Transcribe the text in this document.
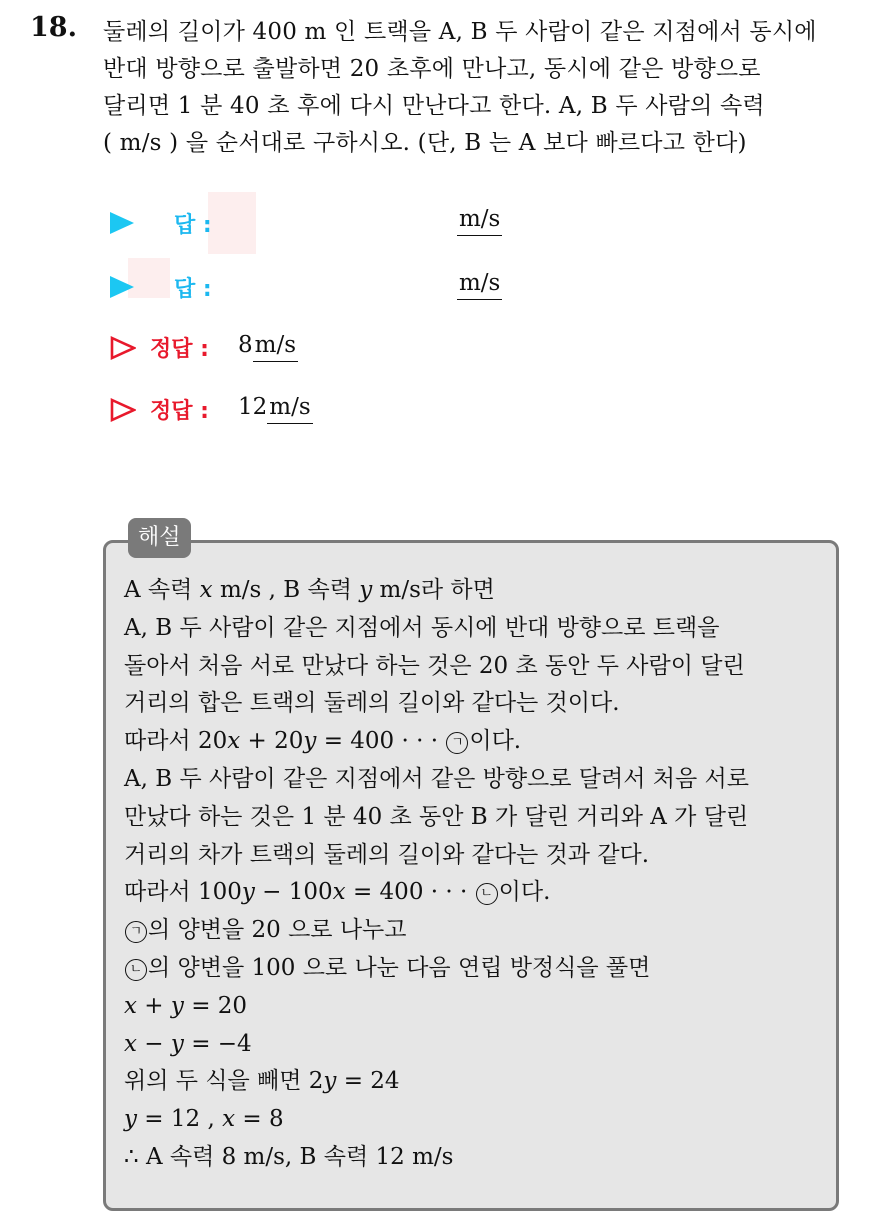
18. 둘레의 길이가 400 m 인 트랙을 A, B 두 사람이 같은 지점에서 동시에
반대 방향으로 출발하면 20 초후에 만나고, 동시에 같은 방향으로
달리면 1 분 40 초 후에 다시 만난다고 한다. A, B 두 사람의 속력
( m/s ) 을 순서대로 구하시오. (단, B 는 A 보다 빠르다고 한다)
답 :	m/s
답 :	m/s
정답 : 8m/s
정답 : 12m/s
해설
A 속력 x m/s , B 속력 y m/s라 하면
A, B 두 사람이 같은 지점에서 동시에 반대 방향으로 트랙을
돌아서 처음 서로 만났다 하는 것은 20 초 동안 두 사람이 달린
거리의 합은 트랙의 둘레의 길이와 같다는 것이다.
따라서 20x + 20y = 400 · · · ㄱ 이다.
A, B 두 사람이 같은 지점에서 같은 방향으로 달려서 처음 서로
만났다 하는 것은 1 분 40 초 동안 B 가 달린 거리와 A 가 달린
거리의 차가 트랙의 둘레의 길이와 같다는 것과 같다.
따라서 100y − 100x = 400 · · · ㄴ 이다.
ㄱ 의 양변을 20 으로 나누고
ㄴ 의 양변을 100 으로 나눈 다음 연립 방정식을 풀면
x + y = 20
x − y = −4
위의 두 식을 빼면 2y = 24
y = 12 , x = 8
∴ A 속력 8 m/s, B 속력 12 m/s
